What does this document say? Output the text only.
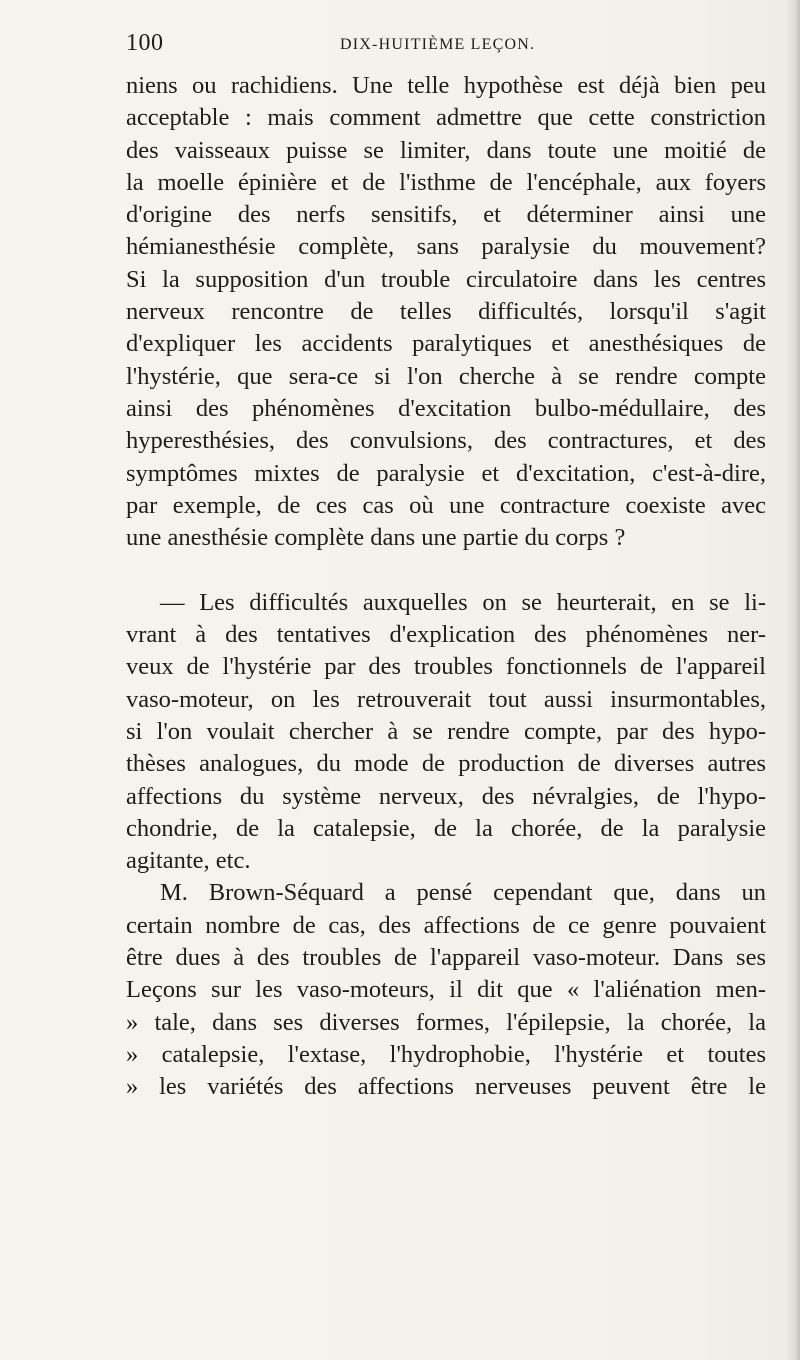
100	DIX-HUITIÈME LEÇON.
niens ou rachidiens. Une telle hypothèse est déjà bien peu
acceptable : mais comment admettre que cette constriction
des vaisseaux puisse se limiter, dans toute une moitié de
la moelle épinière et de l'isthme de l'encéphale, aux foyers
d'origine des nerfs sensitifs, et déterminer ainsi une
hémianesthésie complète, sans paralysie du mouvement?
Si la supposition d'un trouble circulatoire dans les centres
nerveux rencontre de telles difficultés, lorsqu'il s'agit
d'expliquer les accidents paralytiques et anesthésiques de
l'hystérie, que sera-ce si l'on cherche à se rendre compte
ainsi des phénomènes d'excitation bulbo-médullaire, des
hyperesthésies, des convulsions, des contractures, et des
symptômes mixtes de paralysie et d'excitation, c'est-à-dire,
par exemple, de ces cas où une contracture coexiste avec
une anesthésie complète dans une partie du corps ?
— Les difficultés auxquelles on se heurterait, en se li-
vrant à des tentatives d'explication des phénomènes ner-
veux de l'hystérie par des troubles fonctionnels de l'appareil
vaso-moteur, on les retrouverait tout aussi insurmontables,
si l'on voulait chercher à se rendre compte, par des hypo-
thèses analogues, du mode de production de diverses autres
affections du système nerveux, des névralgies, de l'hypo-
chondrie, de la catalepsie, de la chorée, de la paralysie
agitante, etc.
M. Brown-Séquard a pensé cependant que, dans un
certain nombre de cas, des affections de ce genre pouvaient
être dues à des troubles de l'appareil vaso-moteur. Dans ses
Leçons sur les vaso-moteurs, il dit que « l'aliénation men-
» tale, dans ses diverses formes, l'épilepsie, la chorée, la
» catalepsie, l'extase, l'hydrophobie, l'hystérie et toutes
» les variétés des affections nerveuses peuvent être le
